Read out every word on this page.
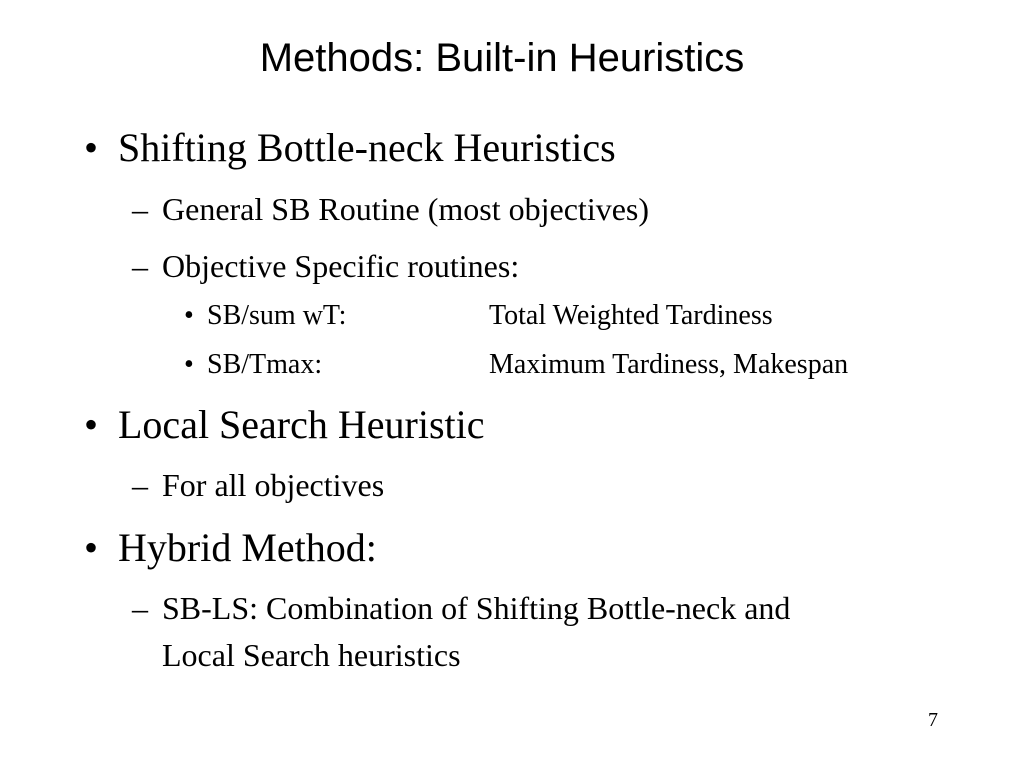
Methods: Built-in Heuristics
• Shifting Bottle-neck Heuristics
– General SB Routine (most objectives)
– Objective Specific routines:
• SB/sum wT:	Total Weighted Tardiness
• SB/Tmax:	Maximum Tardiness, Makespan
• Local Search Heuristic
– For all objectives
• Hybrid Method:
– SB-LS: Combination of Shifting Bottle-neck and
Local Search heuristics
7
